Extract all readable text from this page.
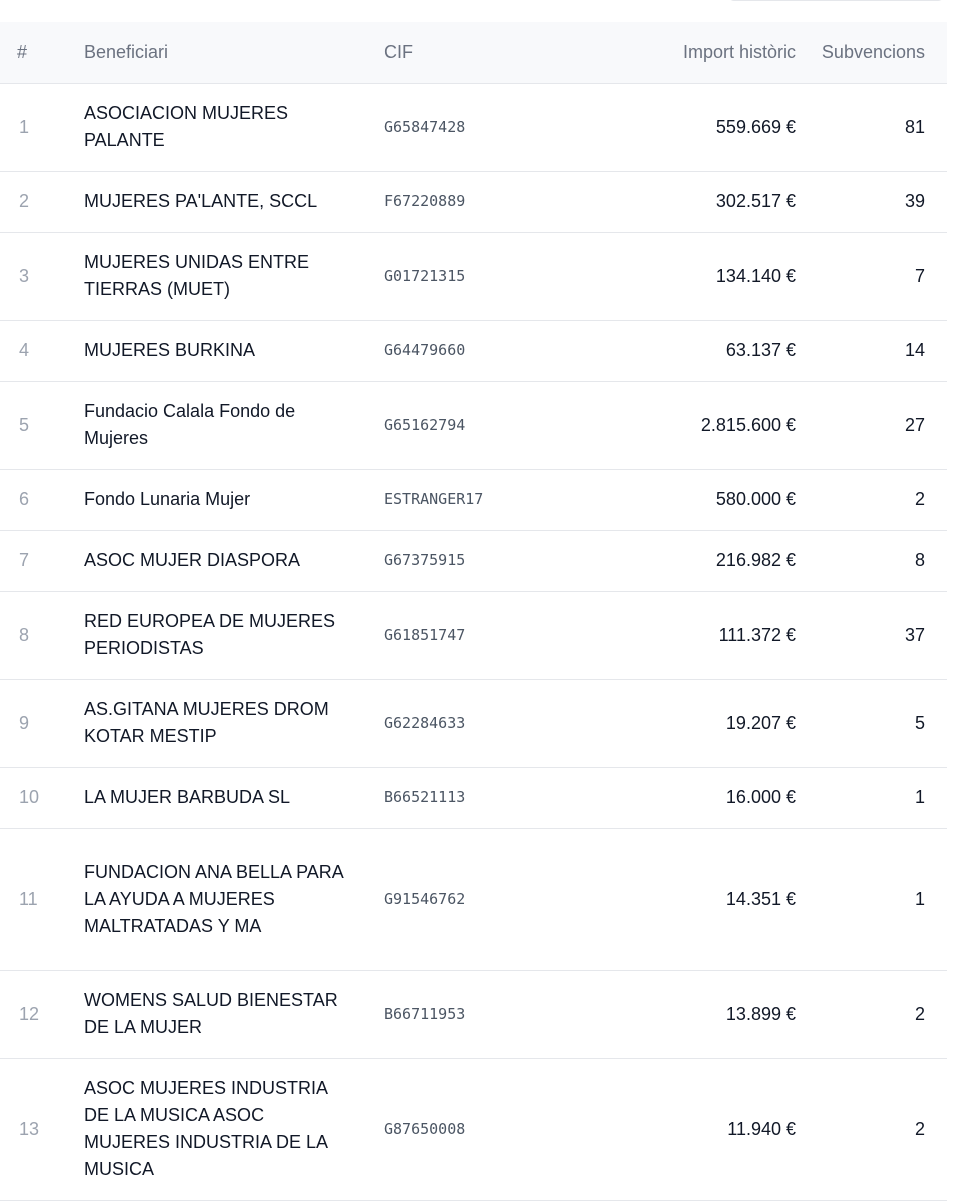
#	Beneficiari	CIF	Import històric	Subvencions
1	ASOCIACION MUJERES PALANTE	G65847428	559.669 €	81
2	MUJERES PA'LANTE, SCCL	F67220889	302.517 €	39
3	MUJERES UNIDAS ENTRE TIERRAS (MUET)	G01721315	134.140 €	7
4	MUJERES BURKINA	G64479660	63.137 €	14
5	Fundacio Calala Fondo de Mujeres	G65162794	2.815.600 €	27
6	Fondo Lunaria Mujer	ESTRANGER17	580.000 €	2
7	ASOC MUJER DIASPORA	G67375915	216.982 €	8
8	RED EUROPEA DE MUJERES PERIODISTAS	G61851747	111.372 €	37
9	AS.GITANA MUJERES DROM KOTAR MESTIP	G62284633	19.207 €	5
10	LA MUJER BARBUDA SL	B66521113	16.000 €	1
11	FUNDACION ANA BELLA PARA LA AYUDA A MUJERES MALTRATADAS Y MA	G91546762	14.351 €	1
12	WOMENS SALUD BIENESTAR DE LA MUJER	B66711953	13.899 €	2
13	ASOC MUJERES INDUSTRIA DE LA MUSICA ASOC MUJERES INDUSTRIA DE LA MUSICA	G87650008	11.940 €	2
